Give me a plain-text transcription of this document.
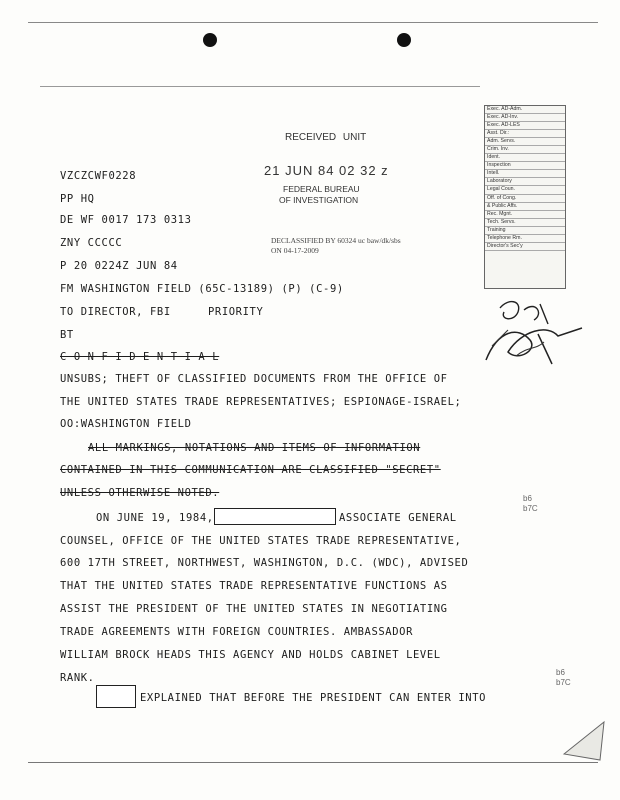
RECEIVED UNIT
21 JUN 84 02 32 z
FEDERAL BUREAU
OF INVESTIGATION
DECLASSIFIED BY 60324 uc baw/dk/sbs
ON 04-17-2009
Exec. AD-Adm.
Exec. AD-Inv.
Exec. AD-LES
Asst. Dir.:
Adm. Servs.
Crim. Inv.
Ident.
Inspection
Intell.
Laboratory
Legal Coun.
Off. of Cong.
& Public Affs.
Rec. Mgnt.
Tech. Servs.
Training
Telephone Rm.
Director's Sec'y
VZCZCWF0228
PP HQ
DE WF 0017 173 0313
ZNY CCCCC
P 20 0224Z JUN 84
FM WASHINGTON FIELD (65C-13189) (P) (C-9)
TO DIRECTOR, FBI	PRIORITY
BT
C O N F I D E N T I A L
UNSUBS; THEFT OF CLASSIFIED DOCUMENTS FROM THE OFFICE OF
THE UNITED STATES TRADE REPRESENTATIVES; ESPIONAGE-ISRAEL;
OO:WASHINGTON FIELD
ALL MARKINGS, NOTATIONS AND ITEMS OF INFORMATION
CONTAINED IN THIS COMMUNICATION ARE CLASSIFIED "SECRET"
UNLESS OTHERWISE NOTED.
ON JUNE 19, 1984,	ASSOCIATE GENERAL
COUNSEL, OFFICE OF THE UNITED STATES TRADE REPRESENTATIVE,
600 17TH STREET, NORTHWEST, WASHINGTON, D.C. (WDC), ADVISED
THAT THE UNITED STATES TRADE REPRESENTATIVE FUNCTIONS AS
ASSIST THE PRESIDENT OF THE UNITED STATES IN NEGOTIATING
TRADE AGREEMENTS WITH FOREIGN COUNTRIES. AMBASSADOR
WILLIAM BROCK HEADS THIS AGENCY AND HOLDS CABINET LEVEL
RANK.
EXPLAINED THAT BEFORE THE PRESIDENT CAN ENTER INTO
b6
b7C
b6
b7C
